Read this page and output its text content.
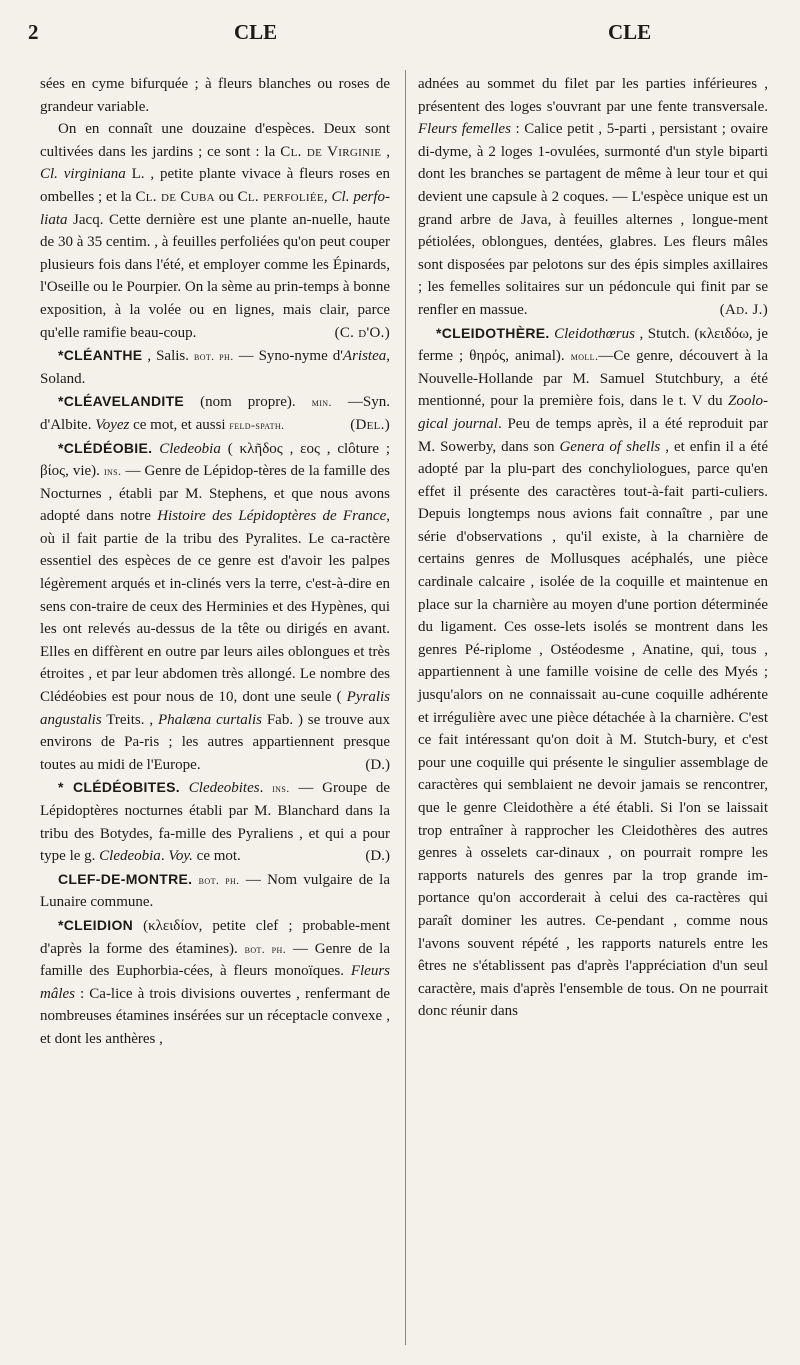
2	CLE	CLE

sées en cyme bifurquée ; à fleurs blanches ou roses de grandeur variable.

On en connaît une douzaine d'espèces. Deux sont cultivées dans les jardins ; ce sont : la Cl. de Virginie , Cl. virginiana L. , petite plante vivace à fleurs roses en ombelles ; et la Cl. de Cuba ou Cl. perfoliée, Cl. perfo-liata Jacq. Cette dernière est une plante an-nuelle, haute de 30 à 35 centim. , à feuilles perfoliées qu'on peut couper plusieurs fois dans l'été, et employer comme les Épinards, l'Oseille ou le Pourpier. On la sème au prin-temps à bonne exposition, à la volée ou en lignes, mais clair, parce qu'elle ramifie beau-coup.	(C. d'O.)

*CLÉANTHE , Salis. bot. ph. — Syno-nyme d'Aristea, Soland.

*CLÉAVELANDITE (nom propre). min. —Syn. d'Albite. Voyez ce mot, et aussi feld-spath.	(Del.)

*CLÉDÉOBIE. Cledeobia ( κλῆδος , εος , clôture ; βίος, vie). ins. — Genre de Lépidop-tères de la famille des Nocturnes , établi par M. Stephens, et que nous avons adopté dans notre Histoire des Lépidoptères de France, où il fait partie de la tribu des Pyralites. Le ca-ractère essentiel des espèces de ce genre est d'avoir les palpes légèrement arqués et in-clinés vers la terre, c'est-à-dire en sens con-traire de ceux des Herminies et des Hypènes, qui les ont relevés au-dessus de la tête ou dirigés en avant. Elles en diffèrent en outre par leurs ailes oblongues et très étroites , et par leur abdomen très allongé. Le nombre des Clédéobies est pour nous de 10, dont une seule ( Pyralis angustalis Treits. , Phalæna curtalis Fab. ) se trouve aux environs de Pa-ris ; les autres appartiennent presque toutes au midi de l'Europe.	(D.)

* CLÉDÉOBITES. Cledeobites. ins. — Groupe de Lépidoptères nocturnes établi par M. Blanchard dans la tribu des Botydes, fa-mille des Pyraliens , et qui a pour type le g. Cledeobia. Voy. ce mot.	(D.)

CLEF-DE-MONTRE. bot. ph. — Nom vulgaire de la Lunaire commune.

*CLEIDION (κλειδίον, petite clef ; probable-ment d'après la forme des étamines). bot. ph. — Genre de la famille des Euphorbia-cées, à fleurs monoïques. Fleurs mâles : Ca-lice à trois divisions ouvertes , renfermant de nombreuses étamines insérées sur un réceptacle convexe , et dont les anthères ,

adnées au sommet du filet par les parties inférieures , présentent des loges s'ouvrant par une fente transversale. Fleurs femelles : Calice petit , 5-parti , persistant ; ovaire di-dyme, à 2 loges 1-ovulées, surmonté d'un style biparti dont les branches se partagent de même à leur tour et qui devient une capsule à 2 coques. — L'espèce unique est un grand arbre de Java, à feuilles alternes , longue-ment pétiolées, oblongues, dentées, glabres. Les fleurs mâles sont disposées par pelotons sur des épis simples axillaires ; les femelles solitaires sur un pédoncule qui finit par se renfler en massue.	(Ad. J.)

*CLEIDOTHÈRE. Cleidothœrus , Stutch. (κλειδόω, je ferme ; θηρός, animal). moll.—Ce genre, découvert à la Nouvelle-Hollande par M. Samuel Stutchbury, a été mentionné, pour la première fois, dans le t. V du Zoolo-gical journal. Peu de temps après, il a été reproduit par M. Sowerby, dans son Genera of shells , et enfin il a été adopté par la plu-part des conchyliologues, parce qu'en effet il présente des caractères tout-à-fait parti-culiers. Depuis longtemps nous avions fait connaître , par une série d'observations , qu'il existe, à la charnière de certains genres de Mollusques acéphalés, une pièce cardinale calcaire , isolée de la coquille et maintenue en place sur la charnière au moyen d'une portion déterminée du ligament. Ces osse-lets isolés se montrent dans les genres Pé-riplome , Ostéodesme , Anatine, qui, tous , appartiennent à une famille voisine de celle des Myés ; jusqu'alors on ne connaissait au-cune coquille adhérente et irrégulière avec une pièce détachée à la charnière. C'est ce fait intéressant qu'on doit à M. Stutch-bury, et c'est pour une coquille qui présente le singulier assemblage de caractères qui semblaient ne devoir jamais se rencontrer, que le genre Cleidothère a été établi. Si l'on se laissait trop entraîner à rapprocher les Cleidothères des autres genres à osselets car-dinaux , on pourrait rompre les rapports naturels des genres par la trop grande im-portance qu'on accorderait à celui des ca-ractères qui paraît dominer les autres. Ce-pendant , comme nous l'avons souvent répété , les rapports naturels entre les êtres ne s'établissent pas d'après l'appréciation d'un seul caractère, mais d'après l'ensemble de tous. On ne pourrait donc réunir dans
